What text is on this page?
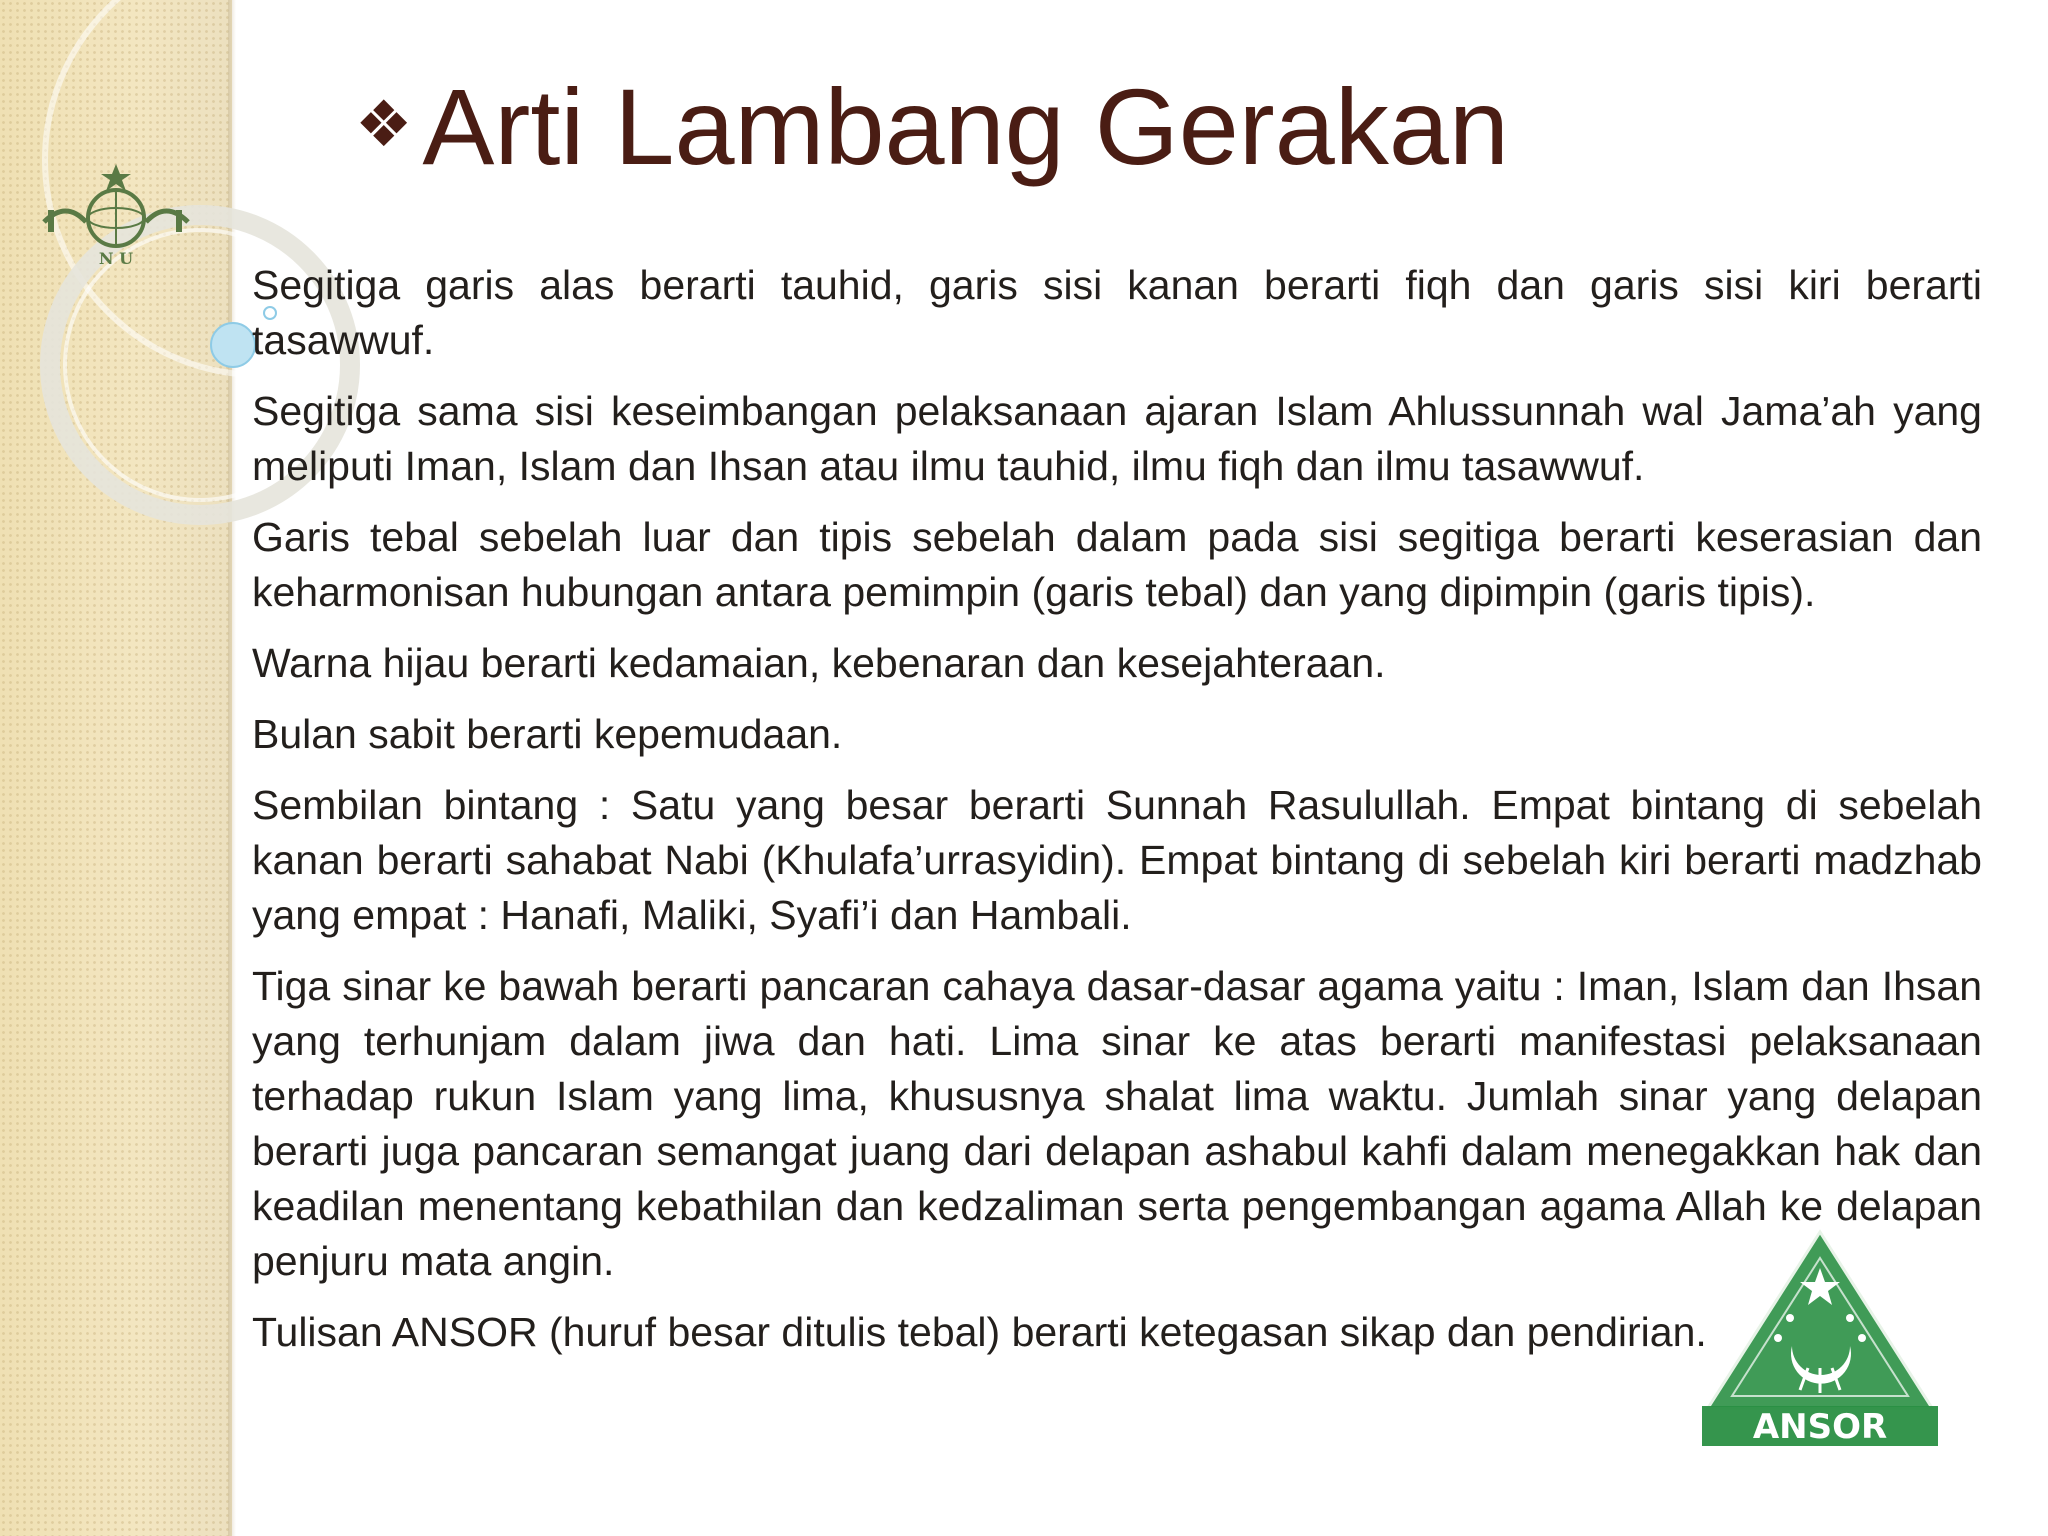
N U
❖Arti Lambang Gerakan

Segitiga garis alas berarti tauhid, garis sisi kanan berarti fiqh dan garis sisi kiri berarti tasawwuf.

Segitiga sama sisi keseimbangan pelaksanaan ajaran Islam Ahlussunnah wal Jama’ah yang meliputi Iman, Islam dan Ihsan atau ilmu tauhid, ilmu fiqh dan ilmu tasawwuf.

Garis tebal sebelah luar dan tipis sebelah dalam pada sisi segitiga berarti keserasian dan keharmonisan hubungan antara pemimpin (garis tebal) dan yang dipimpin (garis tipis).

Warna hijau berarti kedamaian, kebenaran dan kesejahteraan.

Bulan sabit berarti kepemudaan.

Sembilan bintang : Satu yang besar berarti Sunnah Rasulullah. Empat bintang di sebelah kanan berarti sahabat Nabi (Khulafa’urrasyidin). Empat bintang di sebelah kiri berarti madzhab yang empat : Hanafi, Maliki, Syafi’i dan Hambali.

Tiga sinar ke bawah berarti pancaran cahaya dasar-dasar agama yaitu : Iman, Islam dan Ihsan yang terhunjam dalam jiwa dan hati. Lima sinar ke atas berarti manifestasi pelaksanaan terhadap rukun Islam yang lima, khususnya shalat lima waktu. Jumlah sinar yang delapan berarti juga pancaran semangat juang dari delapan ashabul kahfi dalam menegakkan hak dan keadilan menentang kebathilan dan kedzaliman serta pengembangan agama Allah ke delapan penjuru mata angin.

Tulisan ANSOR (huruf besar ditulis tebal) berarti ketegasan sikap dan pendirian.

ANSOR
